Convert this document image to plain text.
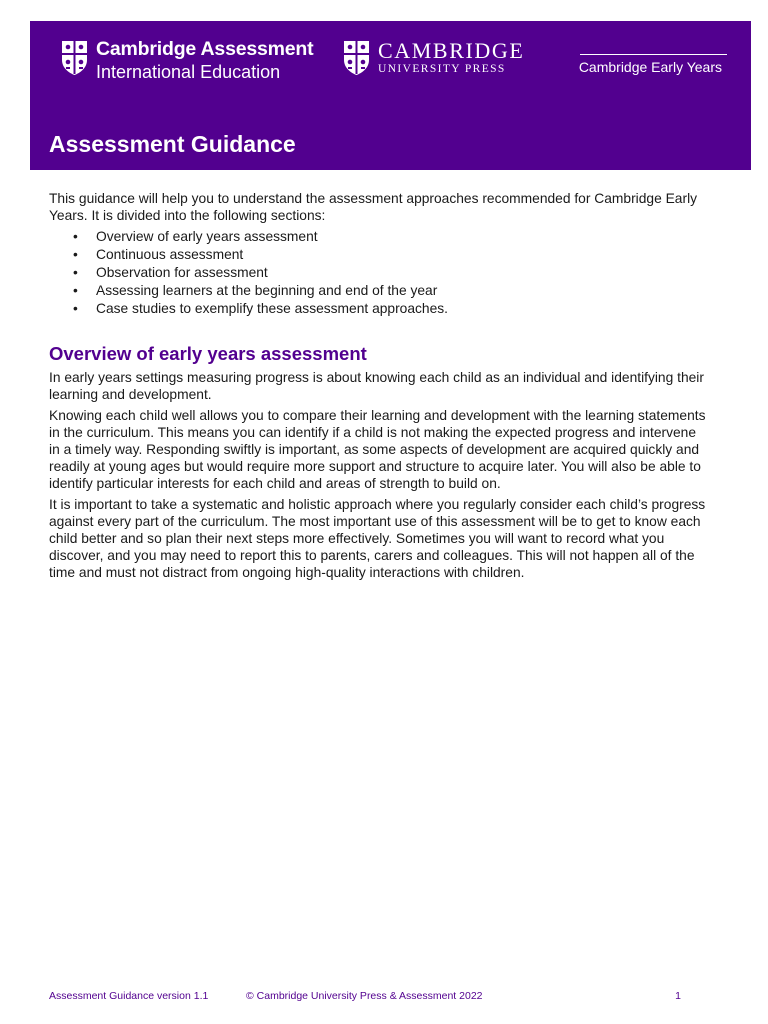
Cambridge Assessment
International Education
CAMBRIDGE
UNIVERSITY PRESS	Cambridge Early Years
Assessment Guidance

This guidance will help you to understand the assessment approaches recommended for Cambridge Early Years. It is divided into the following sections:

• Overview of early years assessment
• Continuous assessment
• Observation for assessment
• Assessing learners at the beginning and end of the year
• Case studies to exemplify these assessment approaches.
Overview of early years assessment

In early years settings measuring progress is about knowing each child as an individual and identifying their learning and development.

Knowing each child well allows you to compare their learning and development with the learning statements in the curriculum. This means you can identify if a child is not making the expected progress and intervene in a timely way. Responding swiftly is important, as some aspects of development are acquired quickly and readily at young ages but would require more support and structure to acquire later. You will also be able to identify particular interests for each child and areas of strength to build on.

It is important to take a systematic and holistic approach where you regularly consider each child’s progress against every part of the curriculum. The most important use of this assessment will be to get to know each child better and so plan their next steps more effectively. Sometimes you will want to record what you discover, and you may need to report this to parents, carers and colleagues. This will not happen all of the time and must not distract from ongoing high-quality interactions with children.

Assessment Guidance version 1.1	© Cambridge University Press & Assessment 2022	1
